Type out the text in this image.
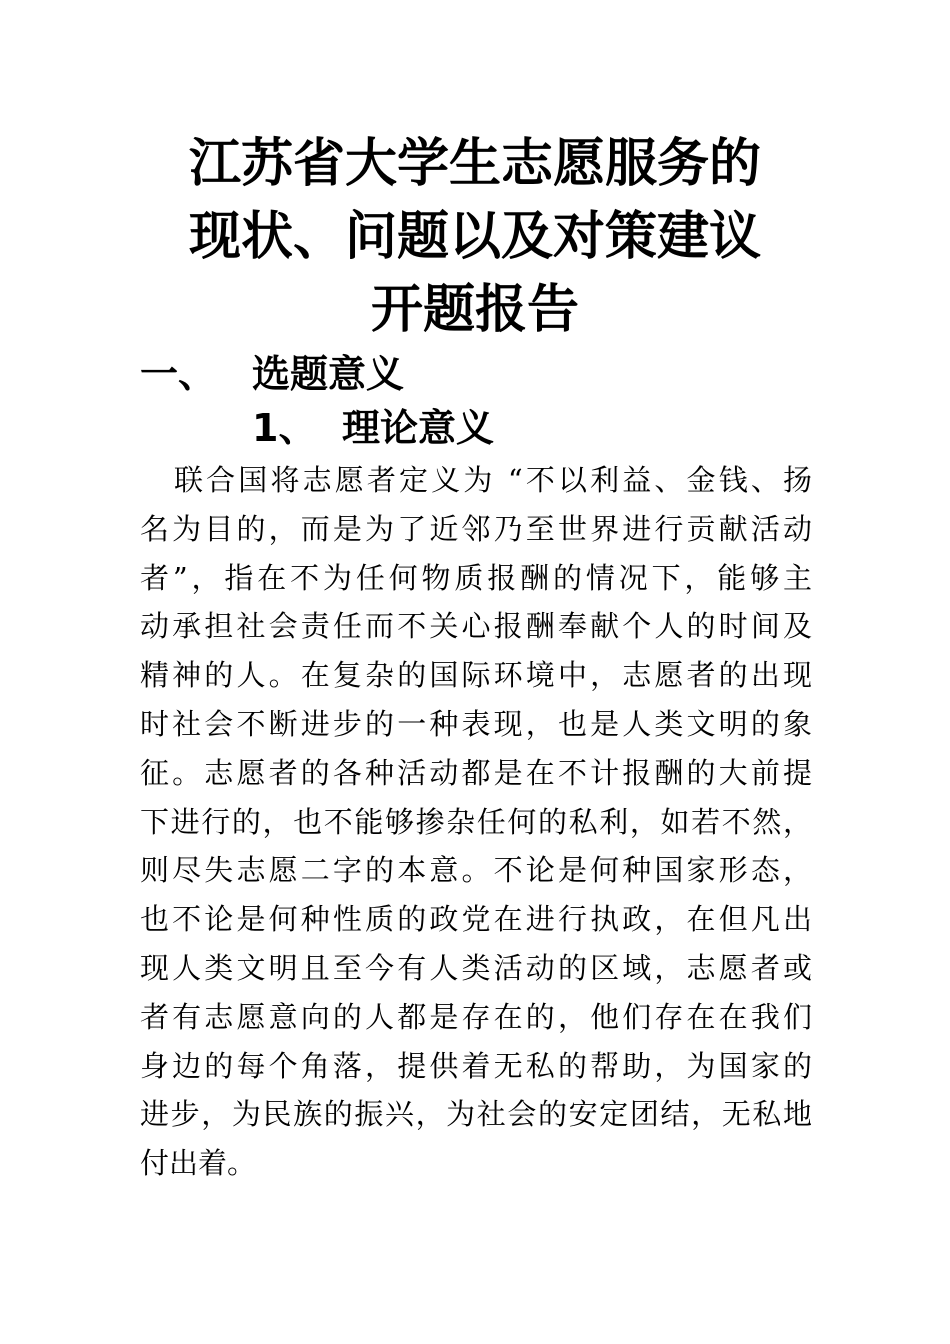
江苏省大学生志愿服务的
现状、问题以及对策建议
开题报告
一、 选题意义
1、 理论意义

联合国将志愿者定义为 “不以利益、金钱、扬
名为目的，而是为了近邻乃至世界进行贡献活动
者”，指在不为任何物质报酬的情况下，能够主
动承担社会责任而不关心报酬奉献个人的时间及
精神的人。在复杂的国际环境中，志愿者的出现
时社会不断进步的一种表现，也是人类文明的象
征。志愿者的各种活动都是在不计报酬的大前提
下进行的，也不能够掺杂任何的私利，如若不然，
则尽失志愿二字的本意。不论是何种国家形态，
也不论是何种性质的政党在进行执政，在但凡出
现人类文明且至今有人类活动的区域，志愿者或
者有志愿意向的人都是存在的，他们存在在我们
身边的每个角落，提供着无私的帮助，为国家的
进步，为民族的振兴，为社会的安定团结，无私地
付出着。
